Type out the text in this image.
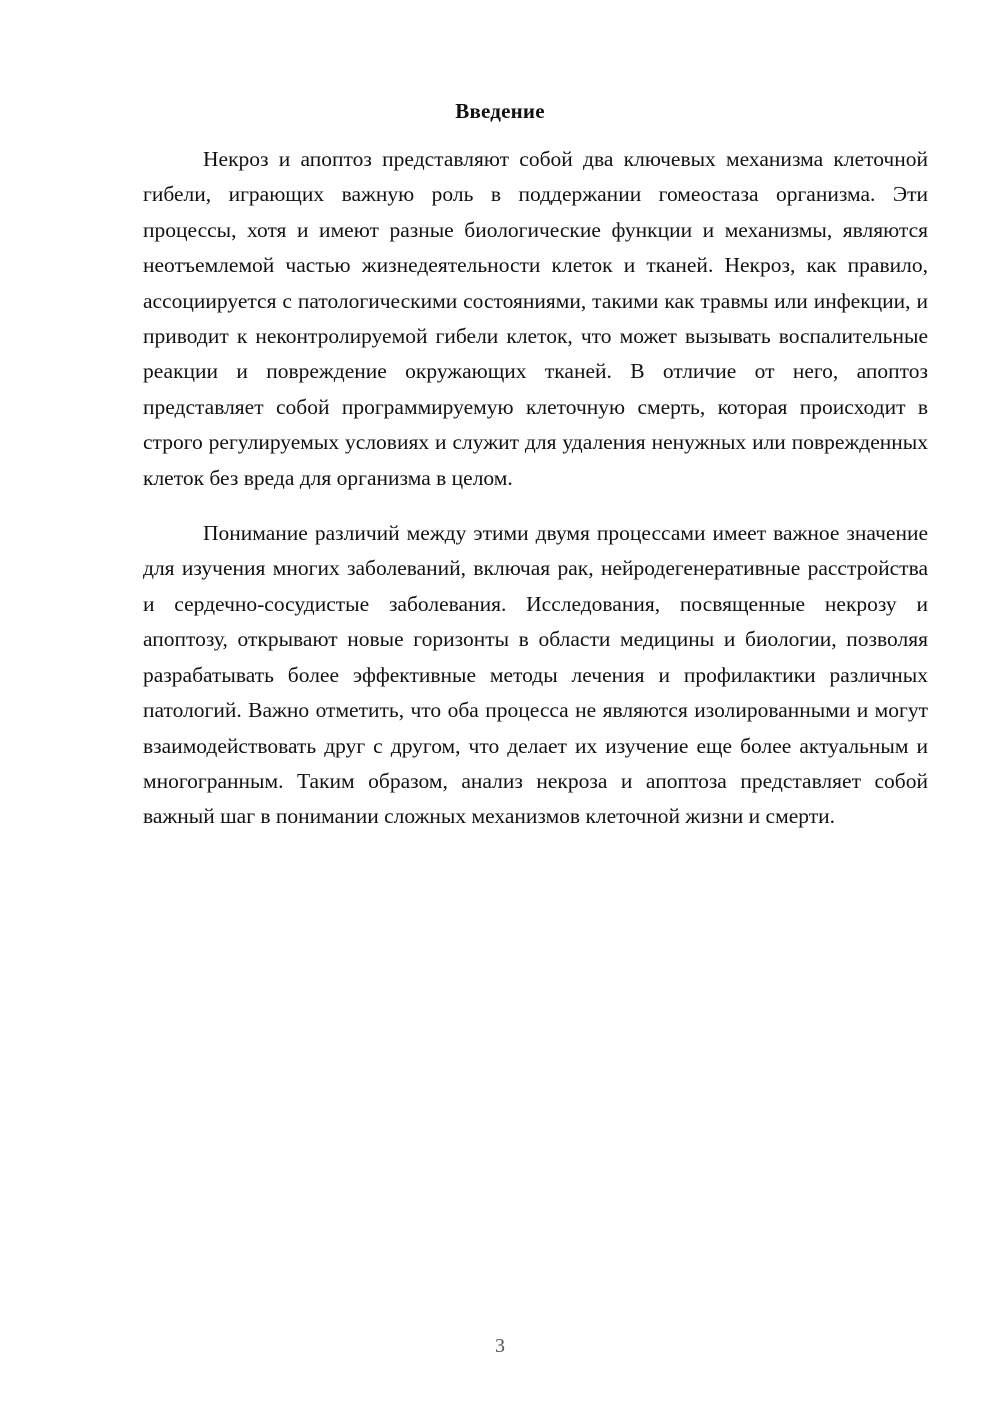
Введение

Некроз и апоптоз представляют собой два ключевых механизма клеточной гибели, играющих важную роль в поддержании гомеостаза организма. Эти процессы, хотя и имеют разные биологические функции и механизмы, являются неотъемлемой частью жизнедеятельности клеток и тканей. Некроз, как правило, ассоциируется с патологическими состояниями, такими как травмы или инфекции, и приводит к неконтролируемой гибели клеток, что может вызывать воспалительные реакции и повреждение окружающих тканей. В отличие от него, апоптоз представляет собой программируемую клеточную смерть, которая происходит в строго регулируемых условиях и служит для удаления ненужных или поврежденных клеток без вреда для организма в целом.

Понимание различий между этими двумя процессами имеет важное значение для изучения многих заболеваний, включая рак, нейродегенеративные расстройства и сердечно-сосудистые заболевания. Исследования, посвященные некрозу и апоптозу, открывают новые горизонты в области медицины и биологии, позволяя разрабатывать более эффективные методы лечения и профилактики различных патологий. Важно отметить, что оба процесса не являются изолированными и могут взаимодействовать друг с другом, что делает их изучение еще более актуальным и многогранным. Таким образом, анализ некроза и апоптоза представляет собой важный шаг в понимании сложных механизмов клеточной жизни и смерти.

3
